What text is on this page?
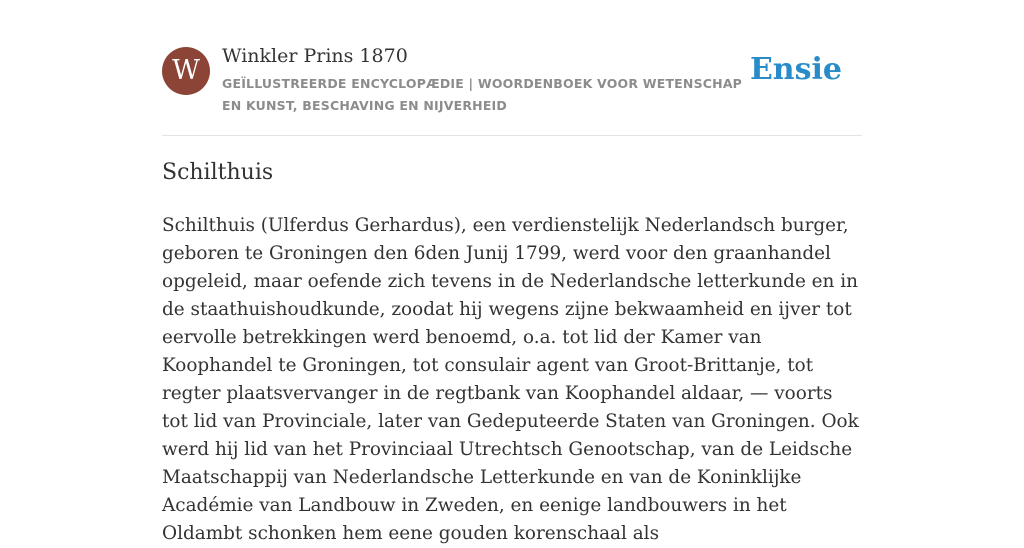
W	Winkler Prins 1870
GEÏLLUSTREERDE ENCYCLOPÆDIE | WOORDENBOEK VOOR WETENSCHAP EN KUNST, BESCHAVING EN NIJVERHEID
Ensie
Schilthuis

Schilthuis (Ulferdus Gerhardus), een verdienstelijk Nederlandsch burger, geboren te Groningen den 6den Junij 1799, werd voor den graanhandel opgeleid, maar oefende zich tevens in de Nederlandsche letterkunde en in de staathuishoudkunde, zoodat hij wegens zijne bekwaamheid en ijver tot eervolle betrekkingen werd benoemd, o.a. tot lid der Kamer van Koophandel te Groningen, tot consulair agent van Groot-Brittanje, tot regter plaatsvervanger in de regtbank van Koophandel aldaar, — voorts tot lid van Provinciale, later van Gedeputeerde Staten van Groningen. Ook werd hij lid van het Provinciaal Utrechtsch Genootschap, van de Leidsche Maatschappij van Nederlandsche Letterkunde en van de Koninklijke Académie van Landbouw in Zweden, en eenige landbouwers in het Oldambt schonken hem eene gouden korenschaal als
